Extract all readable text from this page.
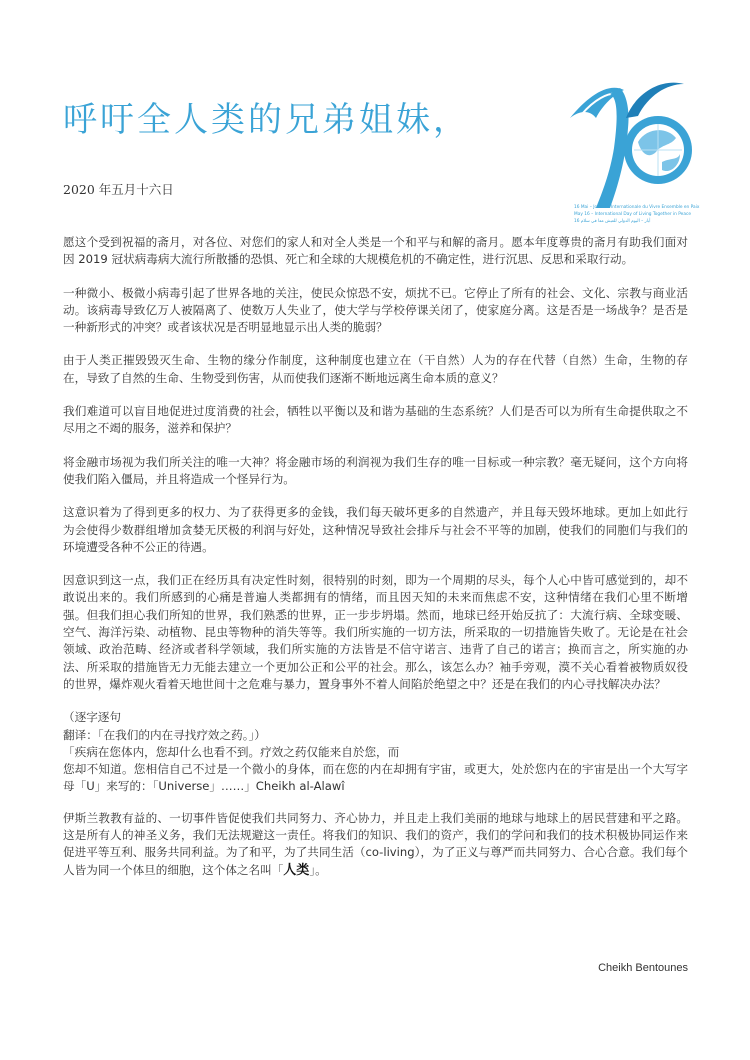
呼吁全人类的兄弟姐妹，
16 Mai – Journée Internationale du Vivre Ensemble en Paix
May 16 – International Day of Living Together in Peace
16 أيار – اليوم الدولي للعيش معا في سلام
2020 年五月十六日

愿这个受到祝福的斋月，对各位、对您们的家人和对全人类是一个和平与和解的斋月。愿本年度尊贵的斋月有助我们面对因 2019 冠状病毒病大流行所散播的恐惧、死亡和全球的大规模危机的不确定性，进行沉思、反思和采取行动。

一种微小、极微小病毒引起了世界各地的关注，使民众惊恐不安，烦扰不已。它停止了所有的社会、文化、宗教与商业活动。该病毒导致亿万人被隔离了、使数万人失业了，使大学与学校停课关闭了，使家庭分离。这是否是一场战争？是否是一种新形式的冲突？或者该状况是否明显地显示出人类的脆弱？

由于人类正摧毁毁灭生命、生物的缘分作制度，这种制度也建立在（干自然）人为的存在代替（自然）生命，生物的存在，导致了自然的生命、生物受到伤害，从而使我们逐渐不断地远离生命本质的意义？

我们难道可以盲目地促进过度消费的社会，牺牲以平衡以及和谐为基础的生态系统？人们是否可以为所有生命提供取之不尽用之不竭的服务，滋养和保护？

将金融市场视为我们所关注的唯一大神？将金融市场的利润视为我们生存的唯一目标或一种宗教？毫无疑问，这个方向将使我们陷入僵局，并且将造成一个怪异行为。

这意识着为了得到更多的权力、为了获得更多的金钱，我们每天破坏更多的自然遗产，并且每天毁坏地球。更加上如此行为会使得少数群组增加贪婪无厌极的利润与好处，这种情况导致社会排斥与社会不平等的加剧，使我们的同胞们与我们的环境遭受各种不公正的待遇。

因意识到这一点，我们正在经历具有决定性时刻，很特别的时刻，即为一个周期的尽头，每个人心中皆可感觉到的，却不敢说出来的。我们所感到的心痛是普遍人类都拥有的情绪，而且因天知的未来而焦虑不安，这种情绪在我们心里不断增强。但我们担心我们所知的世界，我们熟悉的世界，正一步步坍塌。然而，地球已经开始反抗了：大流行病、全球变暖、空气、海洋污染、动植物、昆虫等物种的消失等等。我们所实施的一切方法，所采取的一切措施皆失败了。无论是在社会领域、政治范畴、经济或者科学领域，我们所实施的方法皆是不信守诺言、违背了自己的诺言；换而言之，所实施的办法、所采取的措施皆无力无能去建立一个更加公正和公平的社会。那么，该怎么办？袖手旁观，漠不关心看着被物质奴役的世界，爆炸观火看着天地世间十之危难与暴力，置身事外不着人间陷於绝望之中？还是在我们的内心寻找解决办法？

（逐字逐句
翻译：「在我们的内在寻找疗效之药。」）
「疾病在您体内，您却什么也看不到。疗效之药仅能来自於您，而
您却不知道。您相信自己不过是一个微小的身体，而在您的内在却拥有宇宙，或更大，处於您内在的宇宙是出一个大写字母「U」来写的：「Universe」……」Cheikh al-Alawî

伊斯兰教教有益的、一切事件皆促使我们共同努力、齐心协力，并且走上我们美丽的地球与地球上的居民营建和平之路。这是所有人的神圣义务，我们无法规避这一责任。将我们的知识、我们的资产，我们的学问和我们的技术积极协同运作来促进平等互利、服务共同利益。为了和平，为了共同生活（co-living），为了正义与尊严而共同努力、合心合意。我们每个人皆为同一个体旦的细胞，这个体之名叫「人类」。

Cheikh Bentounes
